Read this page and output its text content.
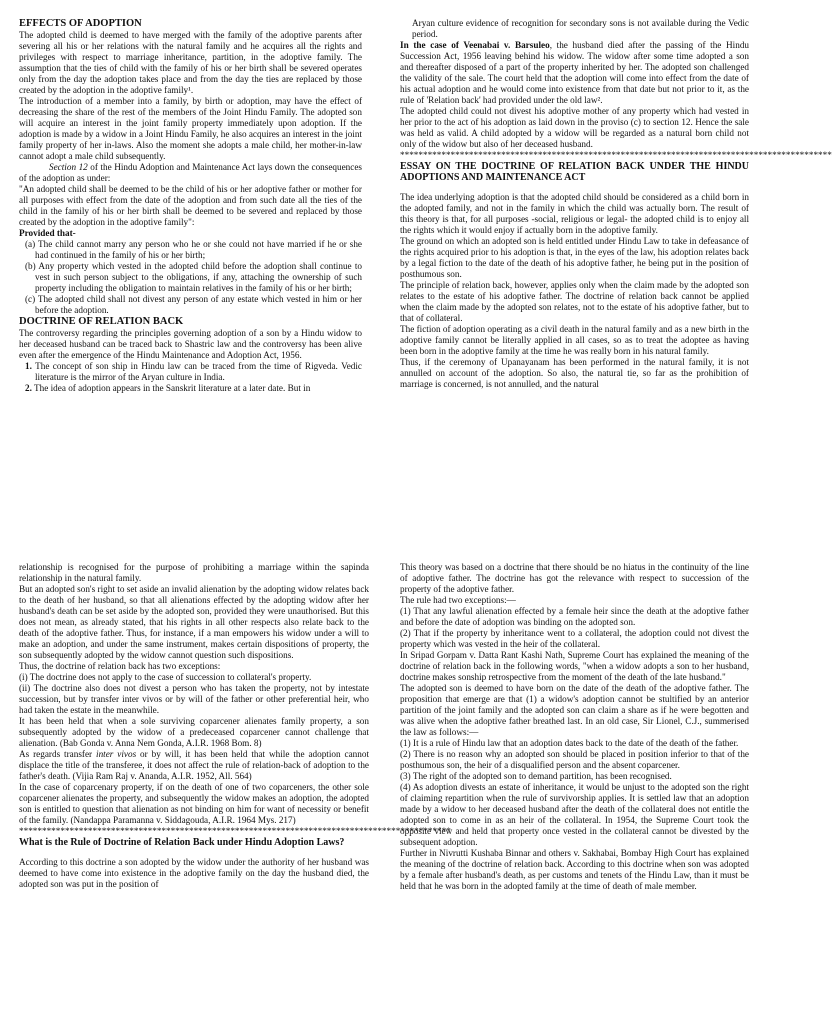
EFFECTS OF ADOPTION

The adopted child is deemed to have merged with the family of the adoptive parents after severing all his or her relations with the natural family and he acquires all the rights and privileges with respect to marriage inheritance, partition, in the adoptive family. The assumption that the ties of child with the family of his or her birth shall be severed operates only from the day the adoption takes place and from the day the ties are replaced by those created by the adoption in the adoptive family¹.

The introduction of a member into a family, by birth or adoption, may have the effect of decreasing the share of the rest of the members of the Joint Hindu Family. The adopted son will acquire an interest in the joint family property immediately upon adoption. If the adoption is made by a widow in a Joint Hindu Family, he also acquires an interest in the joint family property of her in-laws. Also the moment she adopts a male child, her mother-in-law cannot adopt a male child subsequently.

Section 12 of the Hindu Adoption and Maintenance Act lays down the consequences of the adoption as under:

"An adopted child shall be deemed to be the child of his or her adoptive father or mother for all purposes with effect from the date of the adoption and from such date all the ties of the child in the family of his or her birth shall be deemed to be severed and replaced by those created by the adoption in the adoptive family":

Provided that-

(a) The child cannot marry any person who he or she could not have married if he or she had continued in the family of his or her birth;

(b) Any property which vested in the adopted child before the adoption shall continue to vest in such person subject to the obligations, if any, attaching the ownership of such property including the obligation to maintain relatives in the family of his or her birth;

(c) The adopted child shall not divest any person of any estate which vested in him or her before the adoption.

DOCTRINE OF RELATION BACK

The controversy regarding the principles governing adoption of a son by a Hindu widow to her deceased husband can be traced back to Shastric law and the controversy has been alive even after the emergence of the Hindu Maintenance and Adoption Act, 1956.

1. The concept of son ship in Hindu law can be traced from the time of Rigveda. Vedic literature is the mirror of the Aryan culture in India.

2. The idea of adoption appears in the Sanskrit literature at a later date. But in

Aryan culture evidence of recognition for secondary sons is not available during the Vedic period.

In the case of Veenabai v. Barsuleo, the husband died after the passing of the Hindu Succession Act, 1956 leaving behind his widow. The widow after some time adopted a son and thereafter disposed of a part of the property inherited by her. The adopted son challenged the validity of the sale. The court held that the adoption will come into effect from the date of his actual adoption and he would come into existence from that date but not prior to it, as the rule of 'Relation back' had provided under the old law².

The adopted child could not divest his adoptive mother of any property which had vested in her prior to the act of his adoption as laid down in the proviso (c) to section 12. Hence the sale was held as valid. A child adopted by a widow will be regarded as a natural born child not only of the widow but also of her deceased husband.

**********************************************************************************************

ESSAY ON THE DOCTRINE OF RELATION BACK UNDER THE HINDU ADOPTIONS AND MAINTENANCE ACT

The idea underlying adoption is that the adopted child should be considered as a child born in the adopted family, and not in the family in which the child was actually born. The result of this theory is that, for all purposes -social, religious or legal- the adopted child is to enjoy all the rights which it would enjoy if actually born in the adoptive family.

The ground on which an adopted son is held entitled under Hindu Law to take in defeasance of the rights acquired prior to his adoption is that, in the eyes of the law, his adoption relates back by a legal fiction to the date of the death of his adoptive father, he being put in the position of posthumous son.

The principle of relation back, however, applies only when the claim made by the adopted son relates to the estate of his adoptive father. The doctrine of relation back cannot be applied when the claim made by the adopted son relates, not to the estate of his adoptive father, but to that of collateral.

The fiction of adoption operating as a civil death in the natural family and as a new birth in the adoptive family cannot be literally applied in all cases, so as to treat the adoptee as having been born in the adoptive family at the time he was really born in his natural family.

Thus, if the ceremony of Upanayanam has been performed in the natural family, it is not annulled on account of the adoption. So also, the natural tie, so far as the prohibition of marriage is concerned, is not annulled, and the natural

relationship is recognised for the purpose of prohibiting a marriage within the sapinda relationship in the natural family.

But an adopted son's right to set aside an invalid alienation by the adopting widow relates back to the death of her husband, so that all alienations effected by the adopting widow after her husband's death can be set aside by the adopted son, provided they were unauthorised. But this does not mean, as already stated, that his rights in all other respects also relate back to the death of the adoptive father. Thus, for instance, if a man empowers his widow under a will to make an adoption, and under the same instrument, makes certain dispositions of property, the son subsequently adopted by the widow cannot question such dispositions.

Thus, the doctrine of relation back has two exceptions:

(i) The doctrine does not apply to the case of succession to collateral's property.

(ii) The doctrine also does not divest a person who has taken the property, not by intestate succession, but by transfer inter vivos or by will of the father or other preferential heir, who had taken the estate in the meanwhile.

It has been held that when a sole surviving coparcener alienates family property, a son subsequently adopted by the widow of a predeceased coparcener cannot challenge that alienation. (Bab Gonda v. Anna Nem Gonda, A.I.R. 1968 Bom. 8)

As regards transfer inter vivos or by will, it has been held that while the adoption cannot displace the title of the transferee, it does not affect the rule of relation-back of adoption to the father's death. (Vijia Ram Raj v. Ananda, A.I.R. 1952, All. 564)

In the case of coparcenary property, if on the death of one of two coparceners, the other sole coparcener alienates the property, and subsequently the widow makes an adoption, the adopted son is entitled to question that alienation as not binding on him for want of necessity or benefit of the family. (Nandappa Paramanna v. Siddagouda, A.I.R. 1964 Mys. 217)

**********************************************************************************************

What is the Rule of Doctrine of Relation Back under Hindu Adoption Laws?

According to this doctrine a son adopted by the widow under the authority of her husband was deemed to have come into existence in the adoptive family on the day the husband died, the adopted son was put in the position of

This theory was based on a doctrine that there should be no hiatus in the continuity of the line of adoptive father. The doctrine has got the relevance with respect to succession of the property of the adoptive father.

The rule had two exceptions:—

(1) That any lawful alienation effected by a female heir since the death at the adoptive father and before the date of adoption was binding on the adopted son.

(2) That if the property by inheritance went to a collateral, the adoption could not divest the property which was vested in the heir of the collateral.

In Sripad Gorpam v. Datta Rant Kashi Nath, Supreme Court has explained the meaning of the doctrine of relation back in the following words, "when a widow adopts a son to her husband, doctrine makes sonship retrospective from the moment of the death of the late husband."

The adopted son is deemed to have born on the date of the death of the adoptive father. The proposition that emerge are that (1) a widow's adoption cannot be stultified by an anterior partition of the joint family and the adopted son can claim a share as if he were begotten and was alive when the adoptive father breathed last. In an old case, Sir Lionel, C.J., summerised the law as follows:—

(1) It is a rule of Hindu law that an adoption dates back to the date of the death of the father.

(2) There is no reason why an adopted son should be placed in position inferior to that of the posthumous son, the heir of a disqualified person and the absent coparcener.

(3) The right of the adopted son to demand partition, has been recognised.

(4) As adoption divests an estate of inheritance, it would be unjust to the adopted son the right of claiming repartition when the rule of survivorship applies. It is settled law that an adoption made by a widow to her deceased husband after the death of the collateral does not entitle the adopted son to come in as an heir of the collateral. In 1954, the Supreme Court took the opposite view and held that property once vested in the collateral cannot be divested by the subsequent adoption.

Further in Nivrutti Kushaba Binnar and others v. Sakhabai, Bombay High Court has explained the meaning of the doctrine of relation back. According to this doctrine when son was adopted by a female after husband's death, as per customs and tenets of the Hindu Law, than it must be held that he was born in the adopted family at the time of death of male member.
